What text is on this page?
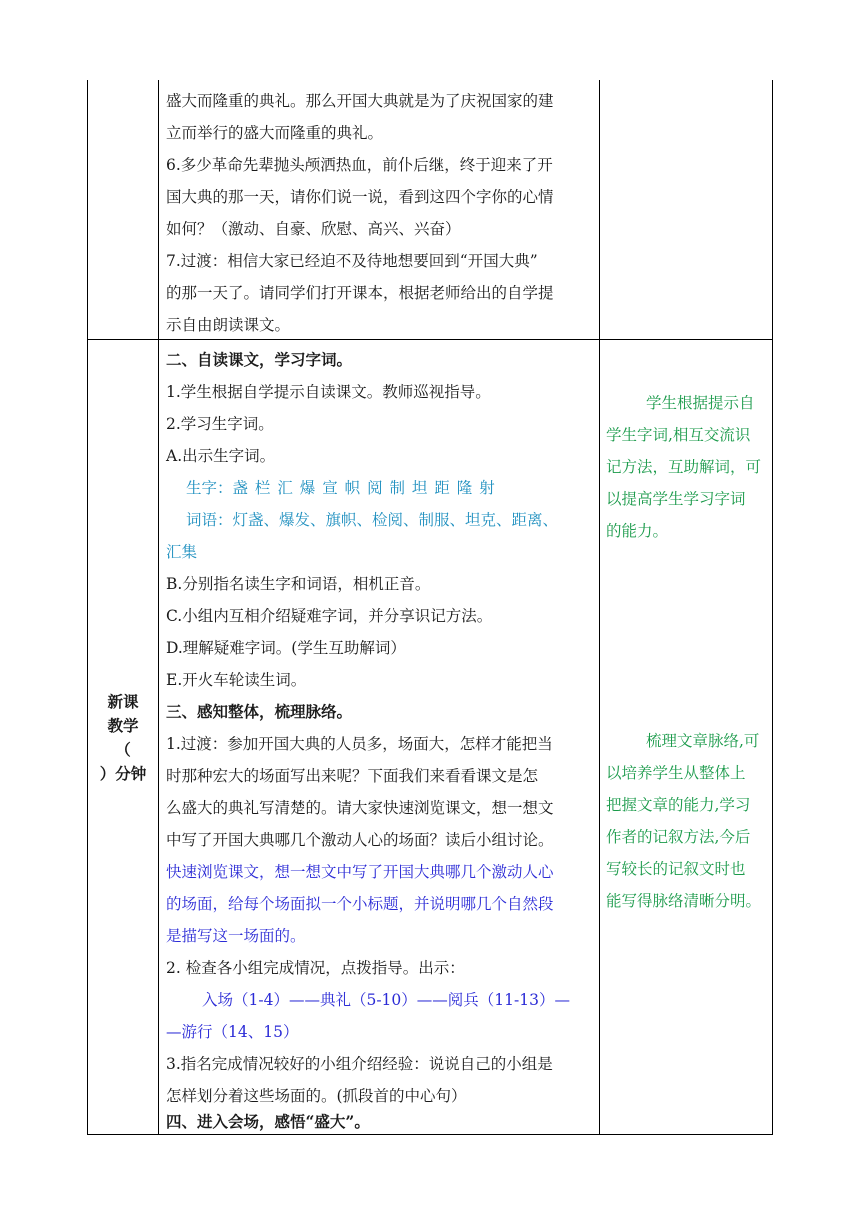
盛大而隆重的典礼。那么开国大典就是为了庆祝国家的建
立而举行的盛大而隆重的典礼。
6.多少革命先辈抛头颅洒热血，前仆后继，终于迎来了开
国大典的那一天，请你们说一说，看到这四个字你的心情
如何？（激动、自豪、欣慰、高兴、兴奋）
7.过渡：相信大家已经迫不及待地想要回到“开国大典”
的那一天了。请同学们打开课本，根据老师给出的自学提
示自由朗读课文。
新课
教学
（
）分钟
二、自读课文，学习字词。
1.学生根据自学提示自读课文。教师巡视指导。
2.学习生字词。
A.出示生字词。
生字：盏 栏 汇 爆 宣 帜 阅 制 坦 距 隆 射
词语：灯盏、爆发、旗帜、检阅、制服、坦克、距离、
汇集
B.分别指名读生字和词语，相机正音。
C.小组内互相介绍疑难字词，并分享识记方法。
D.理解疑难字词。(学生互助解词）
E.开火车轮读生词。
三、感知整体，梳理脉络。
1.过渡：参加开国大典的人员多，场面大，怎样才能把当
时那种宏大的场面写出来呢？下面我们来看看课文是怎
么盛大的典礼写清楚的。请大家快速浏览课文，想一想文
中写了开国大典哪几个激动人心的场面？读后小组讨论。
快速浏览课文，想一想文中写了开国大典哪几个激动人心
的场面，给每个场面拟一个小标题，并说明哪几个自然段
是描写这一场面的。
2. 检查各小组完成情况，点拨指导。出示：
入场（1-4）——典礼（5-10）——阅兵（11-13）—
—游行（14、15）
3.指名完成情况较好的小组介绍经验：说说自己的小组是
怎样划分着这些场面的。(抓段首的中心句）
四、进入会场，感悟“盛大”。
学生根据提示自
学生字词,相互交流识
记方法，互助解词，可
以提高学生学习字词
的能力。
梳理文章脉络,可
以培养学生从整体上
把握文章的能力,学习
作者的记叙方法,今后
写较长的记叙文时也
能写得脉络清晰分明。
